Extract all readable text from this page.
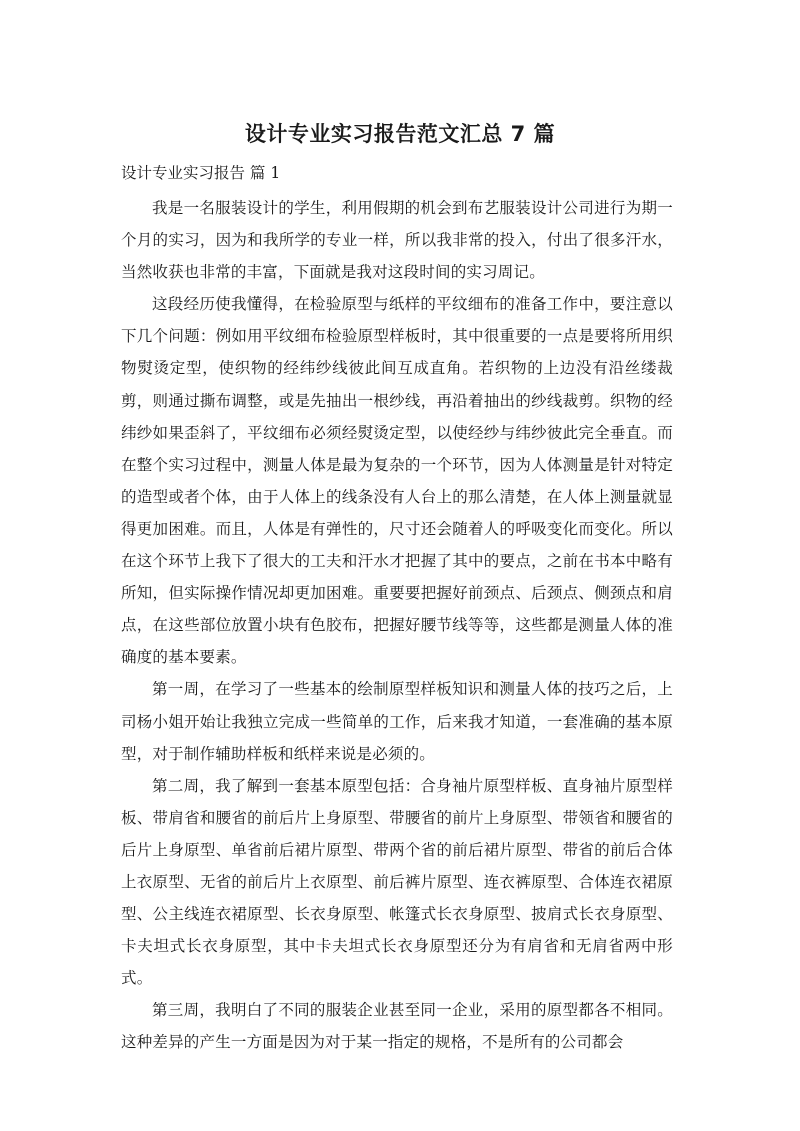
设计专业实习报告范文汇总 7 篇

设计专业实习报告 篇 1

我是一名服装设计的学生，利用假期的机会到布艺服装设计公司进行为期一个月的实习，因为和我所学的专业一样，所以我非常的投入，付出了很多汗水，当然收获也非常的丰富，下面就是我对这段时间的实习周记。

这段经历使我懂得，在检验原型与纸样的平纹细布的准备工作中，要注意以下几个问题：例如用平纹细布检验原型样板时，其中很重要的一点是要将所用织物熨烫定型，使织物的经纬纱线彼此间互成直角。若织物的上边没有沿丝缕裁剪，则通过撕布调整，或是先抽出一根纱线，再沿着抽出的纱线裁剪。织物的经纬纱如果歪斜了，平纹细布必须经熨烫定型，以使经纱与纬纱彼此完全垂直。而在整个实习过程中，测量人体是最为复杂的一个环节，因为人体测量是针对特定的造型或者个体，由于人体上的线条没有人台上的那么清楚，在人体上测量就显得更加困难。而且，人体是有弹性的，尺寸还会随着人的呼吸变化而变化。所以在这个环节上我下了很大的工夫和汗水才把握了其中的要点，之前在书本中略有所知，但实际操作情况却更加困难。重要要把握好前颈点、后颈点、侧颈点和肩点，在这些部位放置小块有色胶布，把握好腰节线等等，这些都是测量人体的准确度的基本要素。

第一周，在学习了一些基本的绘制原型样板知识和测量人体的技巧之后，上司杨小姐开始让我独立完成一些简单的工作，后来我才知道，一套准确的基本原型，对于制作辅助样板和纸样来说是必须的。

第二周，我了解到一套基本原型包括：合身袖片原型样板、直身袖片原型样板、带肩省和腰省的前后片上身原型、带腰省的前片上身原型、带领省和腰省的后片上身原型、单省前后裙片原型、带两个省的前后裙片原型、带省的前后合体上衣原型、无省的前后片上衣原型、前后裤片原型、连衣裤原型、合体连衣裙原型、公主线连衣裙原型、长衣身原型、帐篷式长衣身原型、披肩式长衣身原型、卡夫坦式长衣身原型，其中卡夫坦式长衣身原型还分为有肩省和无肩省两中形式。

第三周，我明白了不同的服装企业甚至同一企业，采用的原型都各不相同。这种差异的产生一方面是因为对于某一指定的规格，不是所有的公司都会
